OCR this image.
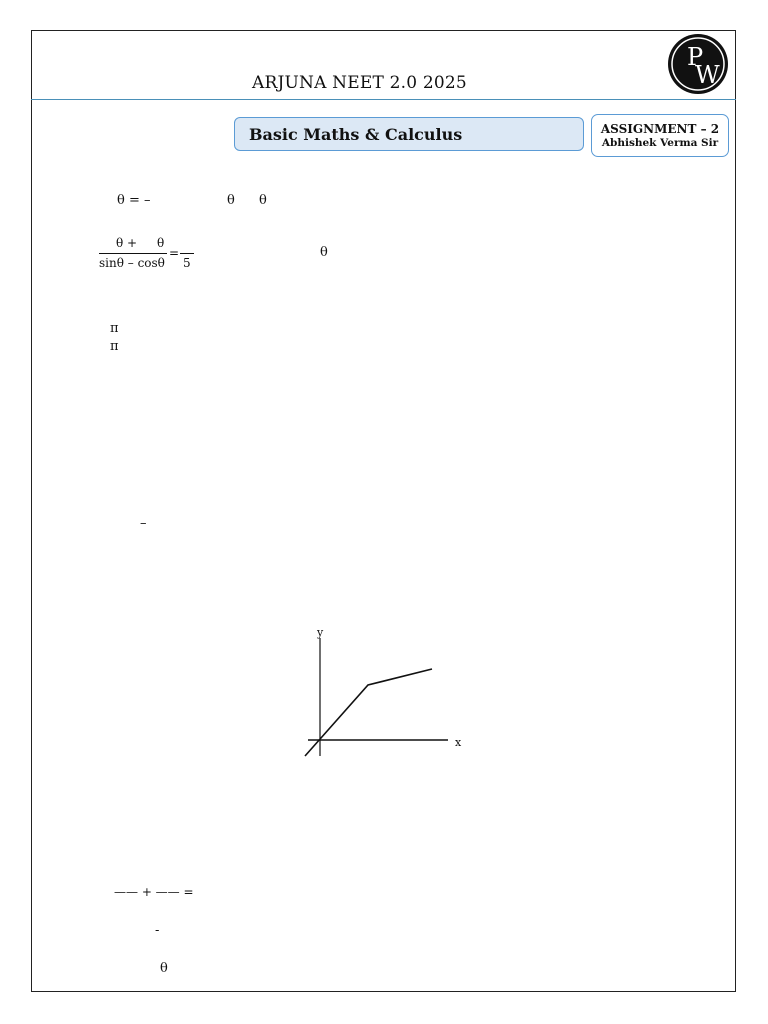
ARJUNA NEET 2.0 2025
P
W
Basic Maths & Calculus	ASSIGNMENT – 2
Abhishek Verma Sir
θ = –	θ θ
θ + θ
sinθ – cosθ
=
5
θ
π
π
–
y
x
—— + —— =
-
θ
